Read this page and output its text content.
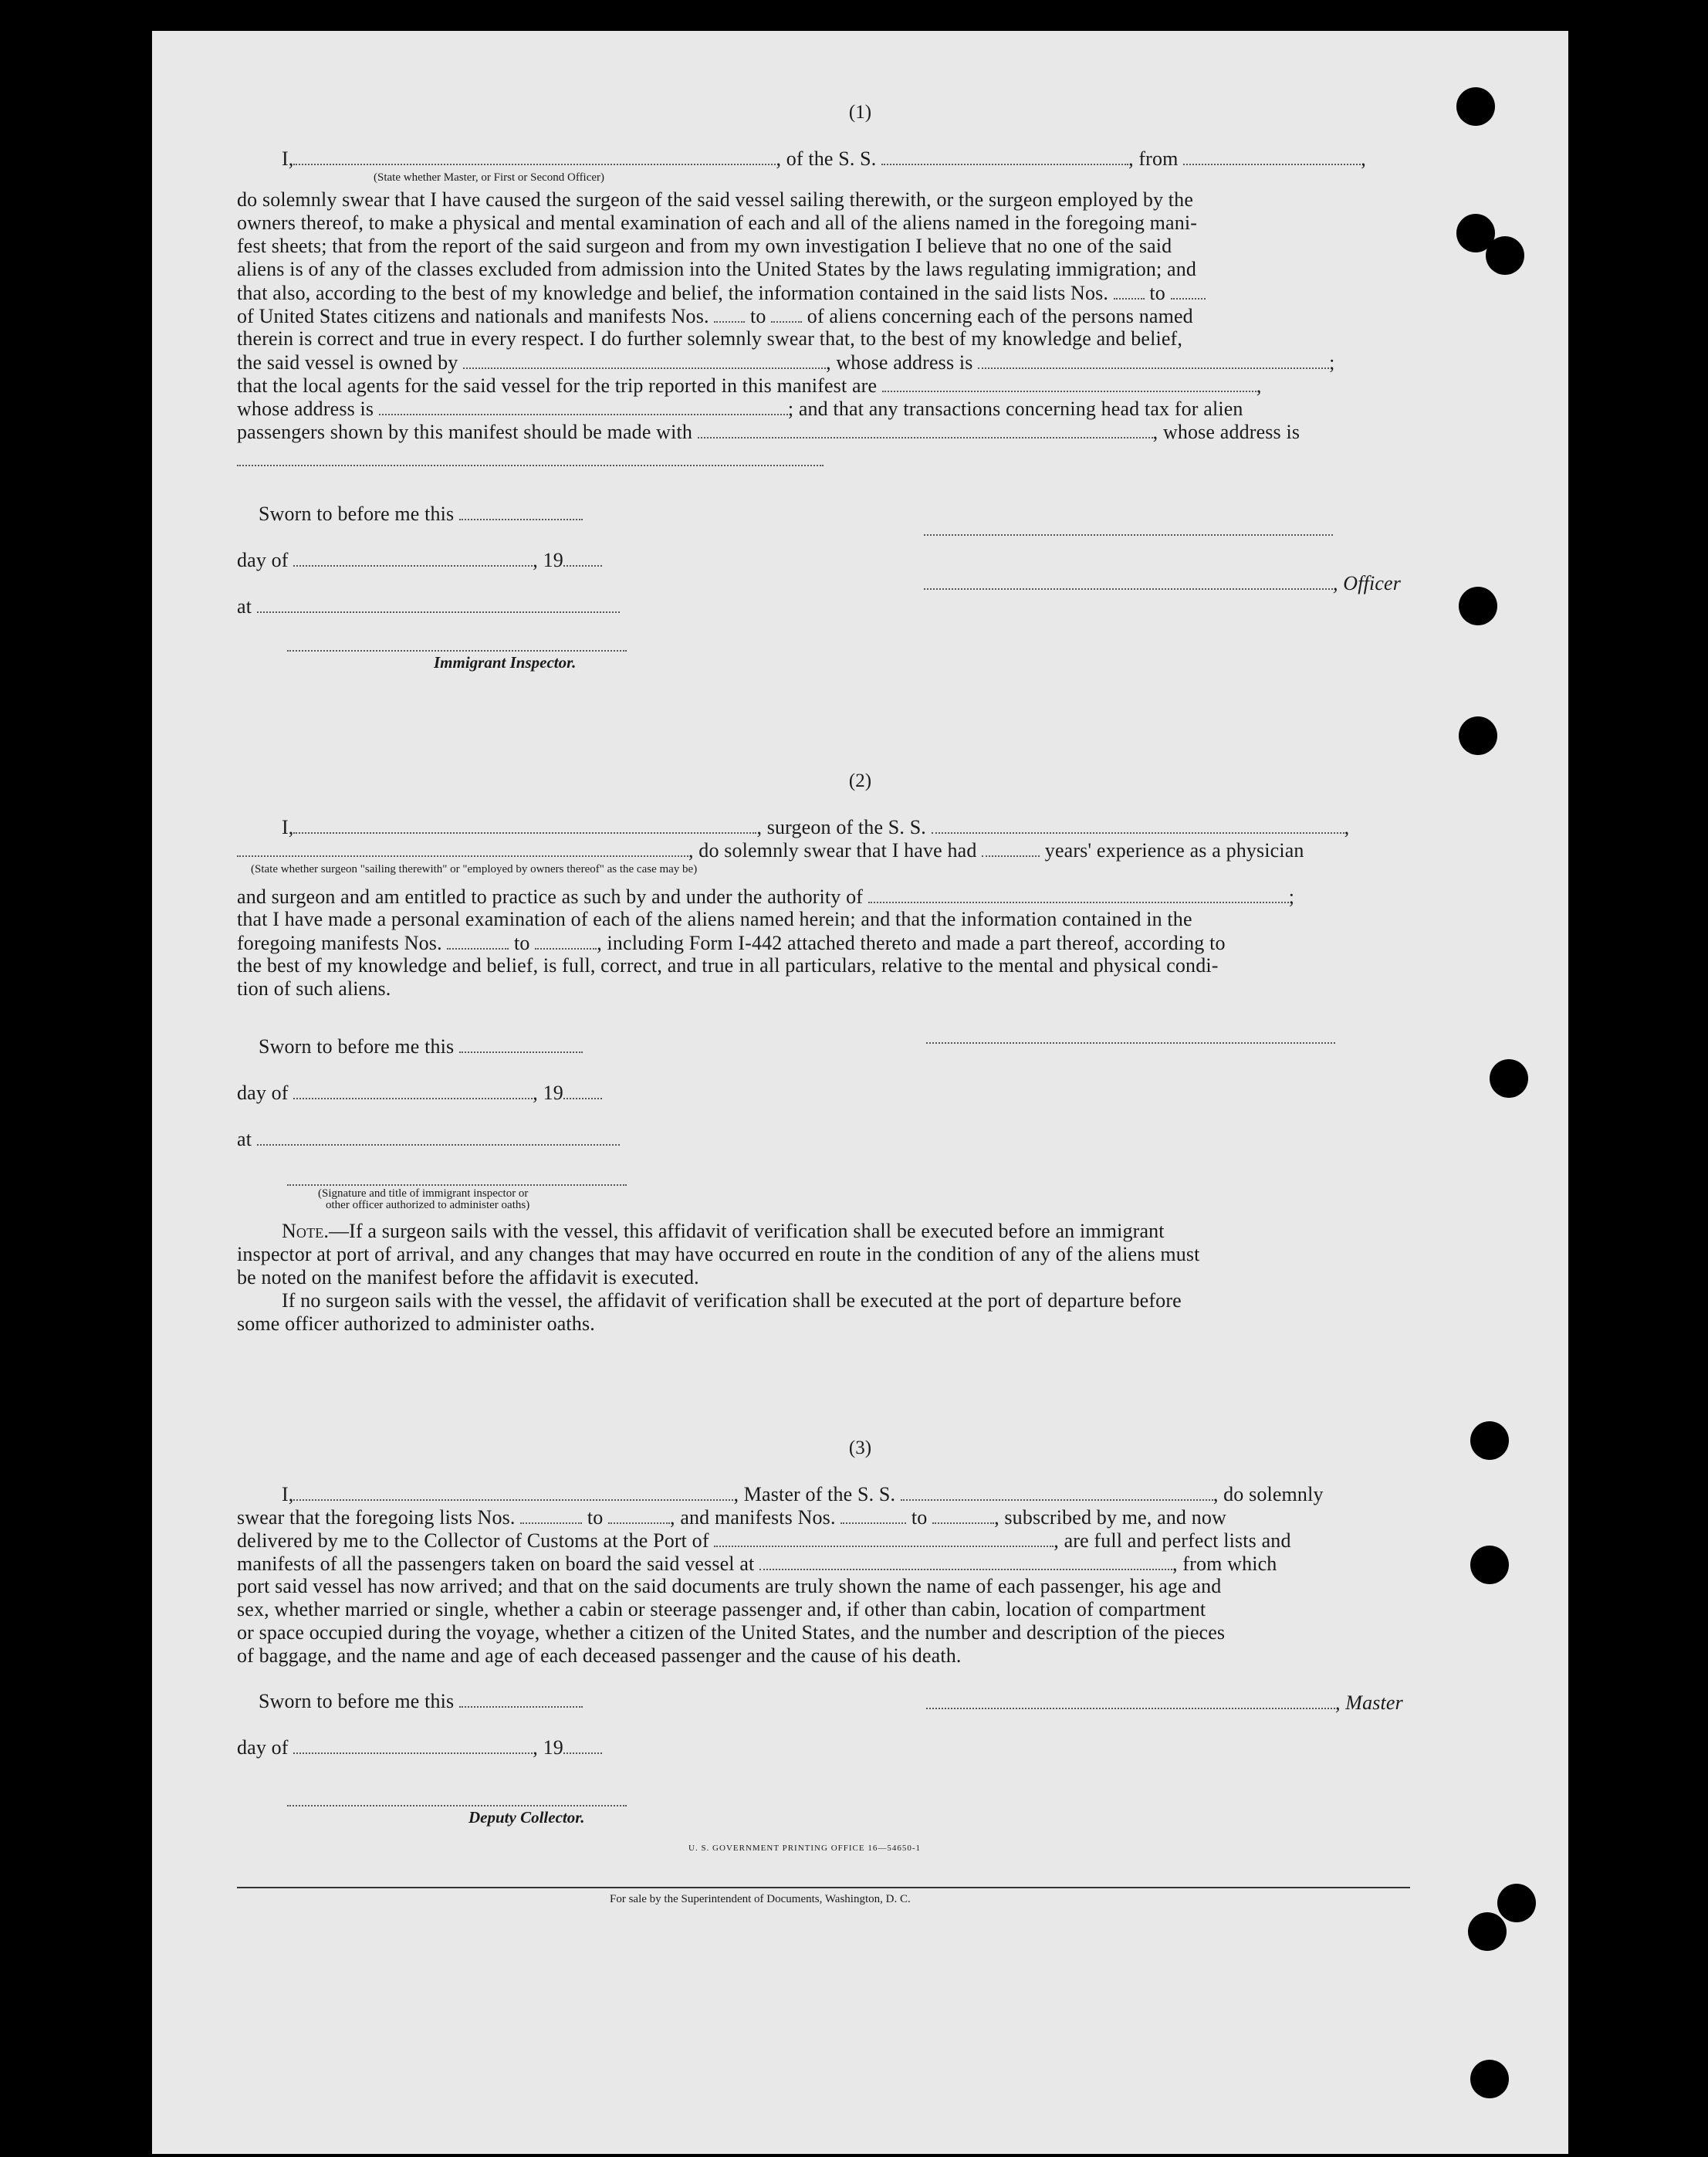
(1)
I,	, of the S. S.	, from	,
(State whether Master, or First or Second Officer)
do solemnly swear that I have caused the surgeon of the said vessel sailing therewith, or the surgeon employed by the
owners thereof, to make a physical and mental examination of each and all of the aliens named in the foregoing mani-
fest sheets; that from the report of the said surgeon and from my own investigation I believe that no one of the said
aliens is of any of the classes excluded from admission into the United States by the laws regulating immigration; and
that also, according to the best of my knowledge and belief, the information contained in the said lists Nos. to
of United States citizens and nationals and manifests Nos. to of aliens concerning each of the persons named
therein is correct and true in every respect. I do further solemnly swear that, to the best of my knowledge and belief,
the said vessel is owned by	, whose address is	;
that the local agents for the said vessel for the trip reported in this manifest are	,
whose address is	; and that any transactions concerning head tax for alien
passengers shown by this manifest should be made with	, whose address is
Sworn to before me this
day of	, 19
, Officer
at
Immigrant Inspector.
(2)
I,	, surgeon of the S. S.	,
, do solemnly swear that I have had	years' experience as a physician
(State whether surgeon "sailing therewith" or "employed by owners thereof" as the case may be)
and surgeon and am entitled to practice as such by and under the authority of	;
that I have made a personal examination of each of the aliens named herein; and that the information contained in the
foregoing manifests Nos.	to	, including Form I-442 attached thereto and made a part thereof, according to
the best of my knowledge and belief, is full, correct, and true in all particulars, relative to the mental and physical condi-
tion of such aliens.
Sworn to before me this
day of	, 19
at
(Signature and title of immigrant inspector or
other officer authorized to administer oaths)
Note.—If a surgeon sails with the vessel, this affidavit of verification shall be executed before an immigrant
inspector at port of arrival, and any changes that may have occurred en route in the condition of any of the aliens must
be noted on the manifest before the affidavit is executed.
If no surgeon sails with the vessel, the affidavit of verification shall be executed at the port of departure before
some officer authorized to administer oaths.
(3)
I,	, Master of the S. S.	, do solemnly
swear that the foregoing lists Nos.	to	, and manifests Nos.	to	, subscribed by me, and now
delivered by me to the Collector of Customs at the Port of	, are full and perfect lists and
manifests of all the passengers taken on board the said vessel at	, from which
port said vessel has now arrived; and that on the said documents are truly shown the name of each passenger, his age and
sex, whether married or single, whether a cabin or steerage passenger and, if other than cabin, location of compartment
or space occupied during the voyage, whether a citizen of the United States, and the number and description of the pieces
of baggage, and the name and age of each deceased passenger and the cause of his death.
Sworn to before me this	, Master
day of	, 19
Deputy Collector.
U. S. GOVERNMENT PRINTING OFFICE 16—54650-1
For sale by the Superintendent of Documents, Washington, D. C.
